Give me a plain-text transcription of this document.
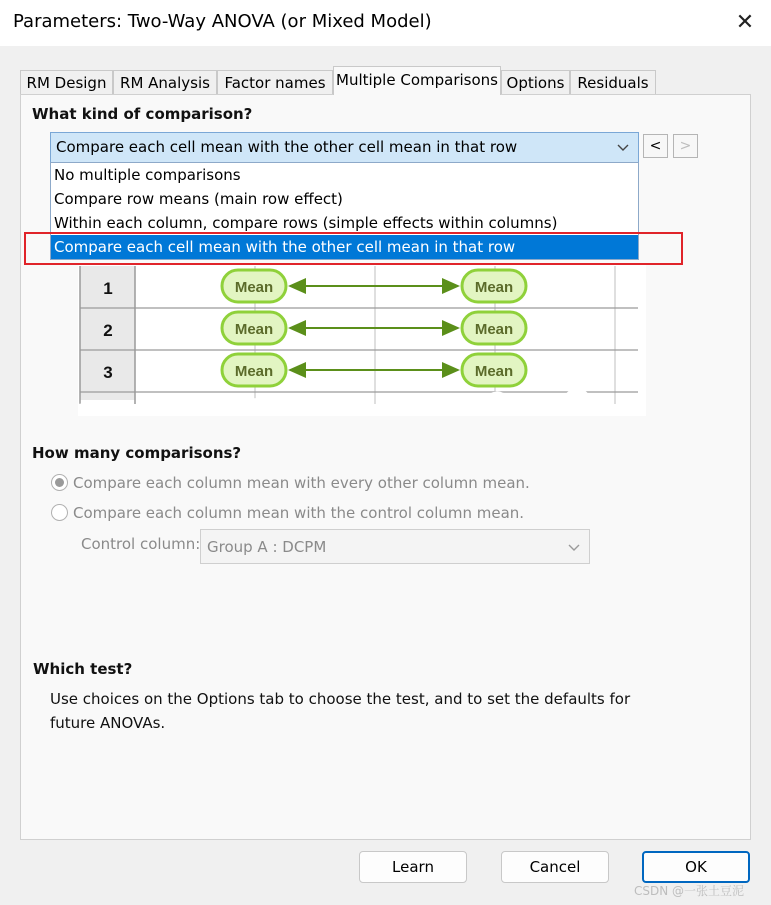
Parameters: Two-Way ANOVA (or Mixed Model)	✕
RM Design RM Analysis Factor names Multiple Comparisons Options Residuals
What kind of comparison?
Compare each cell mean with the other cell mean in that row	<	>
No multiple comparisons
Compare row means (main row effect)
Within each column, compare rows (simple effects within columns)
Compare each cell mean with the other cell mean in that row
1	Mean	Mean
2	Mean	Mean
3	Mean	Mean
How many comparisons?
Compare each column mean with every other column mean.
Compare each column mean with the control column mean.
Control column: Group A : DCPM
Which test?
Use choices on the Options tab to choose the test, and to set the defaults for
future ANOVAs.
Learn	Cancel	OK
CSDN @一张土豆泥
